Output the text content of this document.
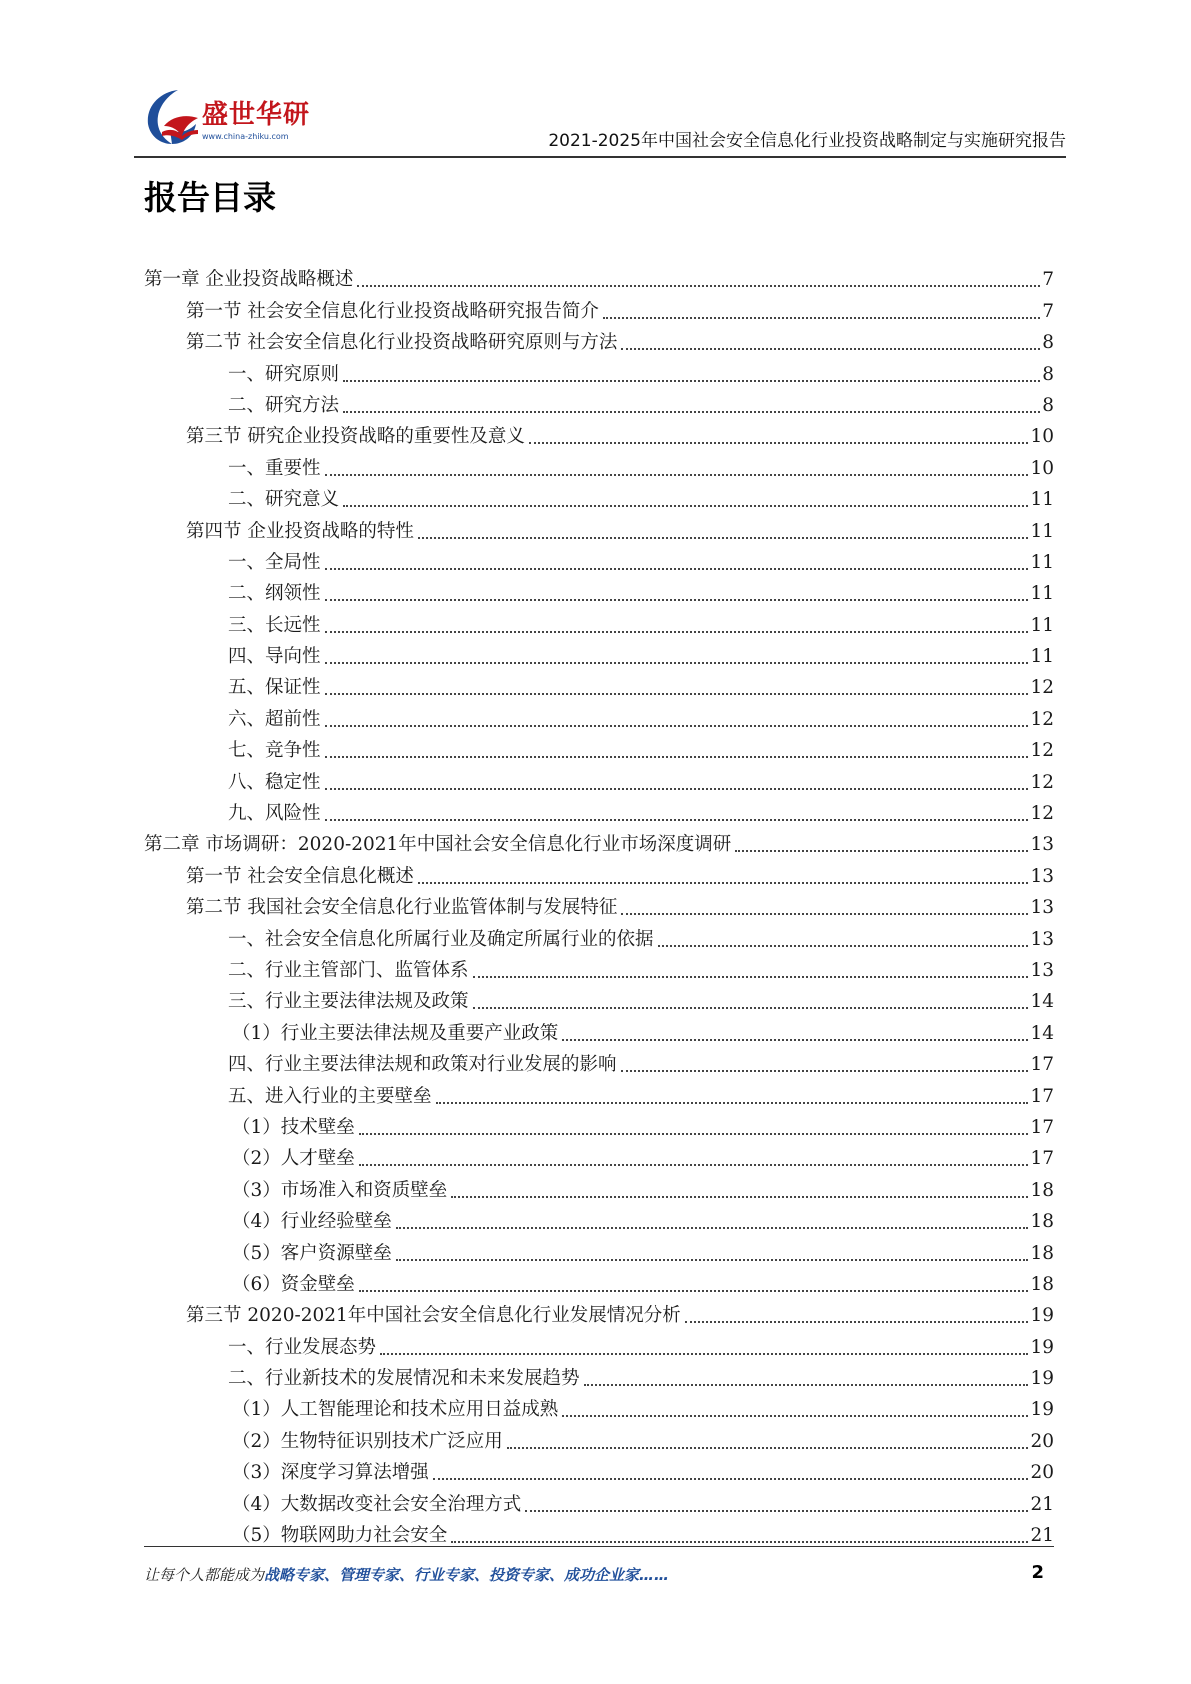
盛世华研
www.china-zhiku.com	2021-2025年中国社会安全信息化行业投资战略制定与实施研究报告
报告目录
第一章 企业投资战略概述	7
第一节 社会安全信息化行业投资战略研究报告简介	7
第二节 社会安全信息化行业投资战略研究原则与方法	8
一、研究原则	8
二、研究方法	8
第三节 研究企业投资战略的重要性及意义	10
一、重要性	10
二、研究意义	11
第四节 企业投资战略的特性	11
一、全局性	11
二、纲领性	11
三、长远性	11
四、导向性	11
五、保证性	12
六、超前性	12
七、竞争性	12
八、稳定性	12
九、风险性	12
第二章 市场调研：2020-2021年中国社会安全信息化行业市场深度调研	13
第一节 社会安全信息化概述	13
第二节 我国社会安全信息化行业监管体制与发展特征	13
一、社会安全信息化所属行业及确定所属行业的依据	13
二、行业主管部门、监管体系	13
三、行业主要法律法规及政策	14
（1）行业主要法律法规及重要产业政策	14
四、行业主要法律法规和政策对行业发展的影响	17
五、进入行业的主要壁垒	17
（1）技术壁垒	17
（2）人才壁垒	17
（3）市场准入和资质壁垒	18
（4）行业经验壁垒	18
（5）客户资源壁垒	18
（6）资金壁垒	18
第三节 2020-2021年中国社会安全信息化行业发展情况分析	19
一、行业发展态势	19
二、行业新技术的发展情况和未来发展趋势	19
（1）人工智能理论和技术应用日益成熟	19
（2）生物特征识别技术广泛应用	20
（3）深度学习算法增强	20
（4）大数据改变社会安全治理方式	21
（5）物联网助力社会安全	21
让每个人都能成为战略专家、管理专家、行业专家、投资专家、成功企业家……	2
